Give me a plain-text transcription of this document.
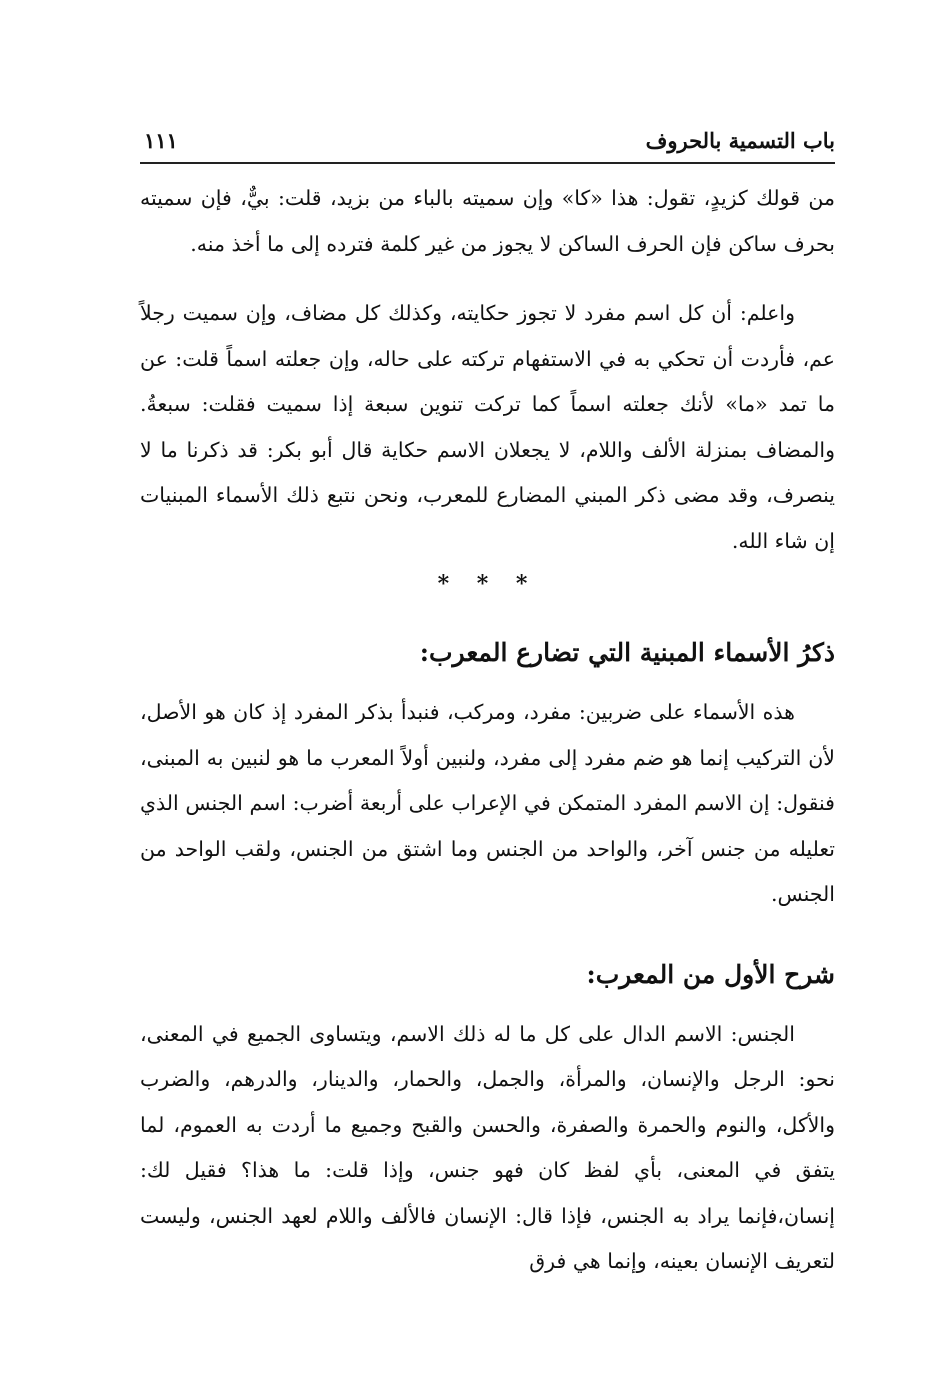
باب التسمية بالحروف
١١١

من قولك كزيدٍ، تقول: هذا «كا» وإن سميته بالباء من بزيد، قلت: بيٌّ، فإن سميته بحرف ساكن فإن الحرف الساكن لا يجوز من غير كلمة فترده إلى ما أخذ منه.

واعلم: أن كل اسم مفرد لا تجوز حكايته، وكذلك كل مضاف، وإن سميت رجلاً عم، فأردت أن تحكي به في الاستفهام تركته على حاله، وإن جعلته اسماً قلت: عن ما تمد «ما» لأنك جعلته اسماً كما تركت تنوين سبعة إذا سميت فقلت: سبعةُ. والمضاف بمنزلة الألف واللام، لا يجعلان الاسم حكاية قال أبو بكر: قد ذكرنا ما لا ينصرف، وقد مضى ذكر المبني المضارع للمعرب، ونحن نتبع ذلك الأسماء المبنيات إن شاء الله.

* * *
ذكرُ الأسماء المبنية التي تضارع المعرب:

هذه الأسماء على ضربين: مفرد، ومركب، فنبدأ بذكر المفرد إذ كان هو الأصل، لأن التركيب إنما هو ضم مفرد إلى مفرد، ولنبين أولاً المعرب ما هو لنبين به المبنى، فنقول: إن الاسم المفرد المتمكن في الإعراب على أربعة أضرب: اسم الجنس الذي تعليله من جنس آخر، والواحد من الجنس وما اشتق من الجنس، ولقب الواحد من الجنس.

شرح الأول من المعرب:

الجنس: الاسم الدال على كل ما له ذلك الاسم، ويتساوى الجميع في المعنى، نحو: الرجل والإنسان، والمرأة، والجمل، والحمار، والدينار، والدرهم، والضرب والأكل، والنوم والحمرة والصفرة، والحسن والقبح وجميع ما أردت به العموم، لما يتفق في المعنى، بأي لفظ كان فهو جنس، وإذا قلت: ما هذا؟ فقيل لك: إنسان،فإنما يراد به الجنس، فإذا قال: الإنسان فالألف واللام لعهد الجنس، وليست لتعريف الإنسان بعينه، وإنما هي فرق
